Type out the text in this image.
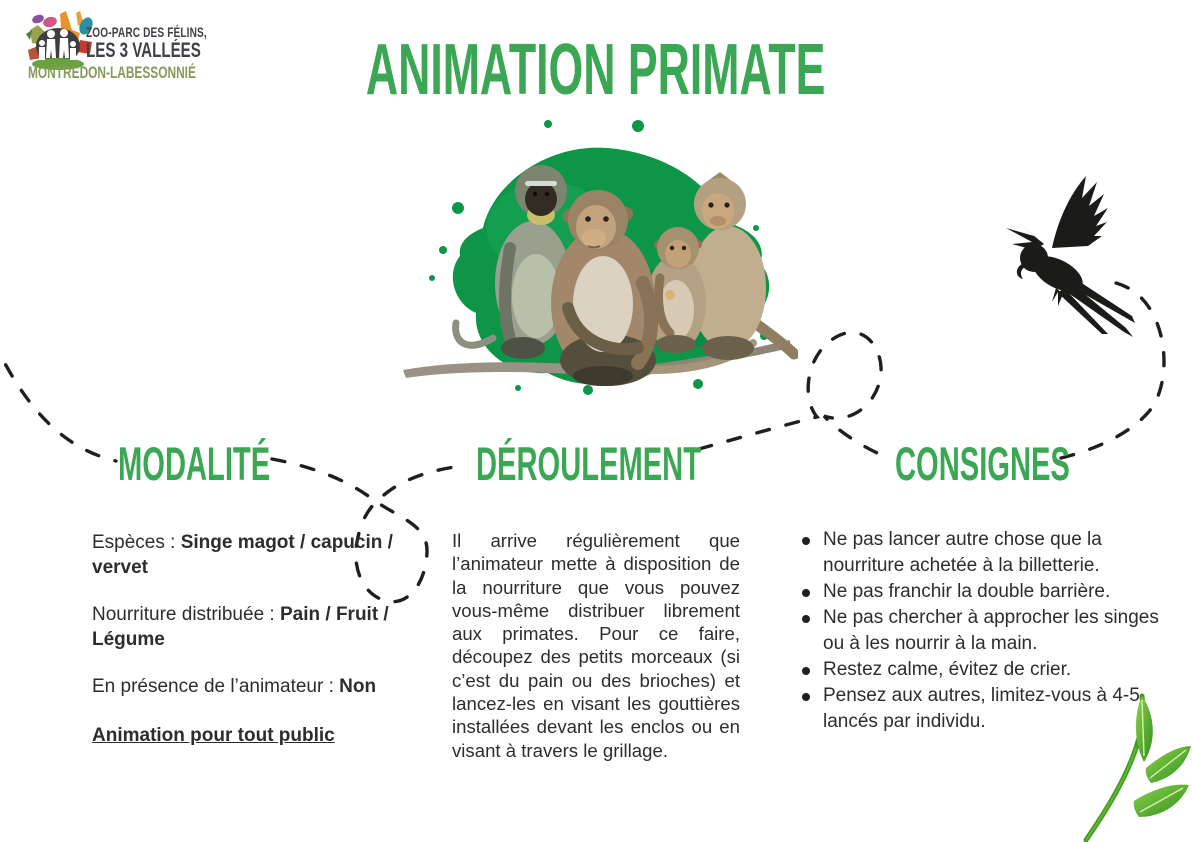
ZOO-PARC DES FÉLINS,
LES 3 VALLÉES
MONTREDON-LABESSONNIÉ	ANIMATION PRIMATE
MODALITÉ	DÉROULEMENT	CONSIGNES
Espèces : Singe magot / capucin / vervet
Nourriture distribuée : Pain / Fruit / Légume
En présence de l’animateur : Non
Animation pour tout public

Il arrive régulièrement que l’animateur mette à disposition de la nourriture que vous pouvez vous-même distribuer librement aux primates. Pour ce faire, découpez des petits morceaux (si c’est du pain ou des brioches) et lancez-les en visant les gouttières installées devant les enclos ou en visant à travers le grillage.

Ne pas lancer autre chose que la nourriture achetée à la billetterie.
Ne pas franchir la double barrière.
Ne pas chercher à approcher les singes ou à les nourrir à la main.
Restez calme, évitez de crier.
Pensez aux autres, limitez-vous à 4-5 lancés par individu.
